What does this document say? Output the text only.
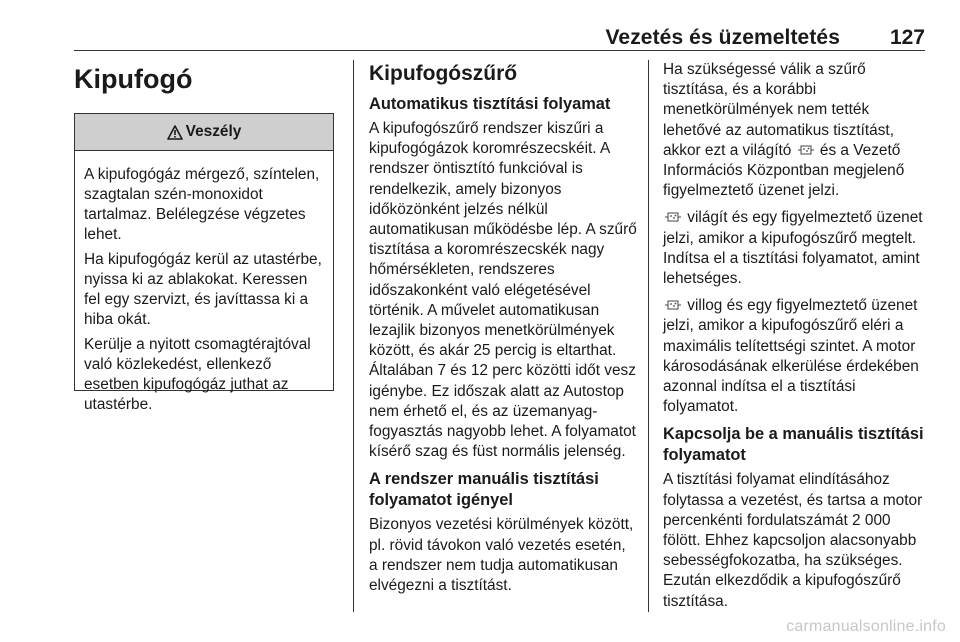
Vezetés és üzemeltetés 127
Kipufogó
Veszély

A kipufogógáz mérgező, színtelen, szagtalan szén-monoxidot tartalmaz. Belélegzése végzetes lehet.

Ha kipufogógáz kerül az utastérbe, nyissa ki az ablakokat. Keressen fel egy szervizt, és javíttassa ki a hiba okát.

Kerülje a nyitott csomagtérajtóval való közlekedést, ellenkező esetben kipufogógáz juthat az utastérbe.

Kipufogószűrő
Automatikus tisztítási folyamat

A kipufogószűrő rendszer kiszűri a kipufogógázok koromrészecskéit. A rendszer öntisztító funkcióval is rendelkezik, amely bizonyos időközönként jelzés nélkül automatikusan működésbe lép. A szűrő tisztítása a koromrészecskék nagy hőmérsékleten, rendszeres időszakonként való elégetésével történik. A művelet automatikusan lezajlik bizonyos menetkörülmények között, és akár 25 percig is eltarthat. Általában 7 és 12 perc közötti időt vesz igénybe. Ez időszak alatt az Autostop nem érhető el, és az üzemanyag-fogyasztás nagyobb lehet. A folyamatot kísérő szag és füst normális jelenség.

A rendszer manuális tisztítási folyamatot igényel

Bizonyos vezetési körülmények között, pl. rövid távokon való vezetés esetén, a rendszer nem tudja automatikusan elvégezni a tisztítást.

Ha szükségessé válik a szűrő tisztítása, és a korábbi menetkörülmények nem tették lehetővé az automatikus tisztítást, akkor ezt a világító és a Vezető Információs Központban megjelenő figyelmeztető üzenet jelzi.

világít és egy figyelmeztető üzenet jelzi, amikor a kipufogószűrő megtelt. Indítsa el a tisztítási folyamatot, amint lehetséges.

villog és egy figyelmeztető üzenet jelzi, amikor a kipufogószűrő eléri a maximális telítettségi szintet. A motor károsodásának elkerülése érdekében azonnal indítsa el a tisztítási folyamatot.

Kapcsolja be a manuális tisztítási folyamatot

A tisztítási folyamat elindításához folytassa a vezetést, és tartsa a motor percenkénti fordulatszámát 2 000 fölött. Ehhez kapcsoljon alacsonyabb sebességfokozatba, ha szükséges. Ezután elkezdődik a kipufogószűrő tisztítása.

carmanualsonline.info
